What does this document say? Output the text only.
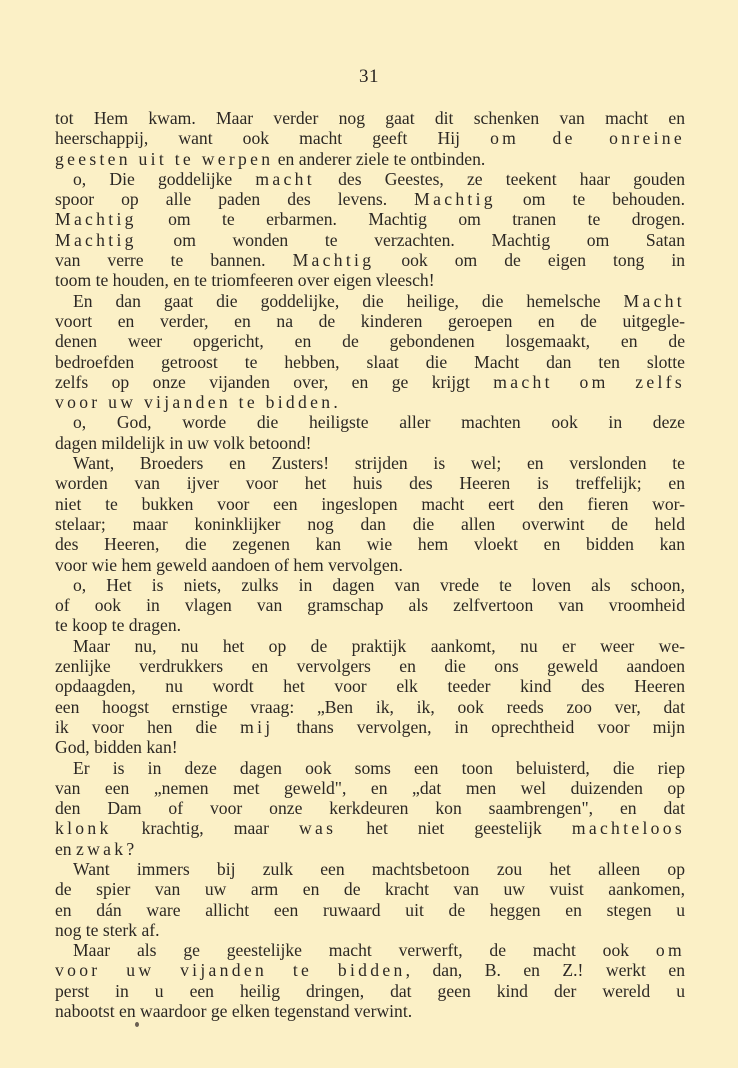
31
tot Hem kwam. Maar verder nog gaat dit schenken van macht en
heerschappij, want ook macht geeft Hij om de onreine
geesten uit te werpen en anderer ziele te ontbinden.
o, Die goddelijke macht des Geestes, ze teekent haar gouden
spoor op alle paden des levens. Machtig om te behouden.
Machtig om te erbarmen. Machtig om tranen te drogen.
Machtig om wonden te verzachten. Machtig om Satan
van verre te bannen. Machtig ook om de eigen tong in
toom te houden, en te triomfeeren over eigen vleesch!
En dan gaat die goddelijke, die heilige, die hemelsche Macht
voort en verder, en na de kinderen geroepen en de uitgegle-
denen weer opgericht, en de gebondenen losgemaakt, en de
bedroefden getroost te hebben, slaat die Macht dan ten slotte
zelfs op onze vijanden over, en ge krijgt macht om zelfs
voor uw vijanden te bidden.
o, God, worde die heiligste aller machten ook in deze
dagen mildelijk in uw volk betoond!
Want, Broeders en Zusters! strijden is wel; en verslonden te
worden van ijver voor het huis des Heeren is treffelijk; en
niet te bukken voor een ingeslopen macht eert den fieren wor-
stelaar; maar koninklijker nog dan die allen overwint de held
des Heeren, die zegenen kan wie hem vloekt en bidden kan
voor wie hem geweld aandoen of hem vervolgen.
o, Het is niets, zulks in dagen van vrede te loven als schoon,
of ook in vlagen van gramschap als zelfvertoon van vroomheid
te koop te dragen.
Maar nu, nu het op de praktijk aankomt, nu er weer we-
zenlijke verdrukkers en vervolgers en die ons geweld aandoen
opdaagden, nu wordt het voor elk teeder kind des Heeren
een hoogst ernstige vraag: „Ben ik, ik, ook reeds zoo ver, dat
ik voor hen die mij thans vervolgen, in oprechtheid voor mijn
God, bidden kan!
Er is in deze dagen ook soms een toon beluisterd, die riep
van een „nemen met geweld", en „dat men wel duizenden op
den Dam of voor onze kerkdeuren kon saambrengen", en dat
klonk krachtig, maar was het niet geestelijk machteloos
en zwak?
Want immers bij zulk een machtsbetoon zou het alleen op
de spier van uw arm en de kracht van uw vuist aankomen,
en dán ware allicht een ruwaard uit de heggen en stegen u
nog te sterk af.
Maar als ge geestelijke macht verwerft, de macht ook om
voor uw vijanden te bidden, dan, B. en Z.! werkt en
perst in u een heilig dringen, dat geen kind der wereld u
nabootst en waardoor ge elken tegenstand verwint.
